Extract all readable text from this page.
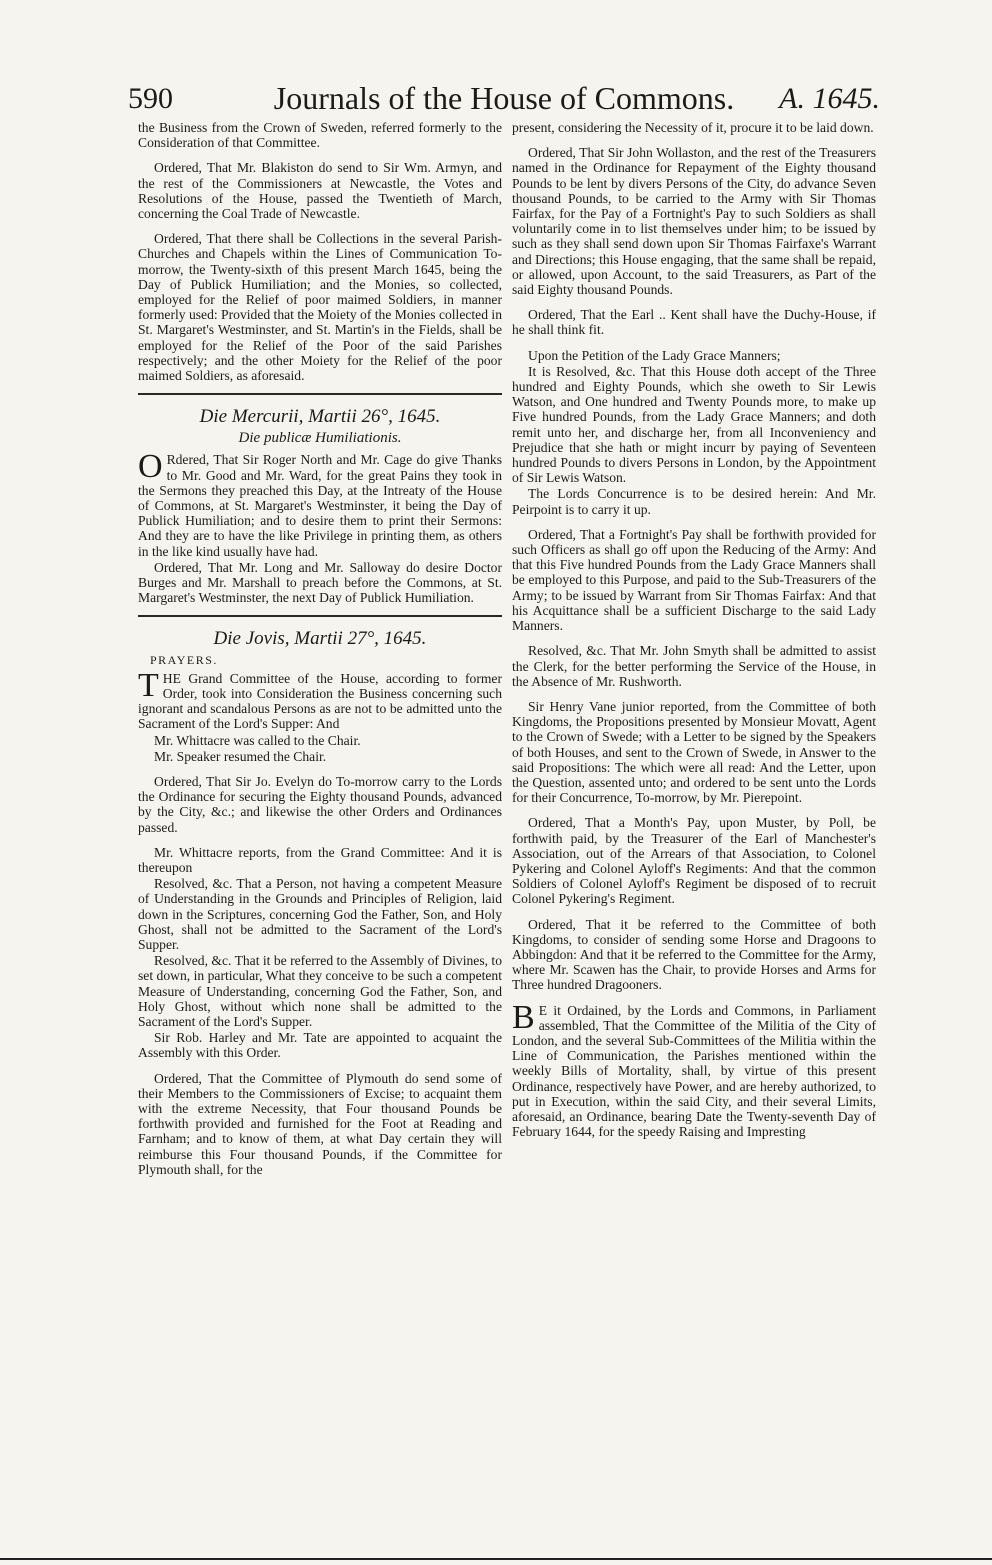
590	Journals of the House of Commons.	A. 1645.

the Business from the Crown of Sweden, referred formerly to the Consideration of that Committee.

Ordered, That Mr. Blakiston do send to Sir Wm. Armyn, and the rest of the Commissioners at Newcastle, the Votes and Resolutions of the House, passed the Twentieth of March, concerning the Coal Trade of Newcastle.

Ordered, That there shall be Collections in the several Parish-Churches and Chapels within the Lines of Communication To-morrow, the Twenty-sixth of this present March 1645, being the Day of Publick Humiliation; and the Monies, so collected, employed for the Relief of poor maimed Soldiers, in manner formerly used: Provided that the Moiety of the Monies collected in St. Margaret's Westminster, and St. Martin's in the Fields, shall be employed for the Relief of the Poor of the said Parishes respectively; and the other Moiety for the Relief of the poor maimed Soldiers, as aforesaid.

Die Mercurii, Martii 26°, 1645.
Die publicæ Humiliationis.

O Rdered, That Sir Roger North and Mr. Cage do give Thanks to Mr. Good and Mr. Ward, for the great Pains they took in the Sermons they preached this Day, at the Intreaty of the House of Commons, at St. Margaret's Westminster, it being the Day of Publick Humiliation; and to desire them to print their Sermons: And they are to have the like Privilege in printing them, as others in the like kind usually have had.

Ordered, That Mr. Long and Mr. Salloway do desire Doctor Burges and Mr. Marshall to preach before the Commons, at St. Margaret's Westminster, the next Day of Publick Humiliation.

Die Jovis, Martii 27°, 1645.
PRAYERS.

THE Grand Committee of the House, according to former Order, took into Consideration the Business concerning such ignorant and scandalous Persons as are not to be admitted unto the Sacrament of the Lord's Supper: And

Mr. Whittacre was called to the Chair.

Mr. Speaker resumed the Chair.

Ordered, That Sir Jo. Evelyn do To-morrow carry to the Lords the Ordinance for securing the Eighty thousand Pounds, advanced by the City, &c.; and likewise the other Orders and Ordinances passed.

Mr. Whittacre reports, from the Grand Committee: And it is thereupon

Resolved, &c. That a Person, not having a competent Measure of Understanding in the Grounds and Principles of Religion, laid down in the Scriptures, concerning God the Father, Son, and Holy Ghost, shall not be admitted to the Sacrament of the Lord's Supper.

Resolved, &c. That it be referred to the Assembly of Divines, to set down, in particular, What they conceive to be such a competent Measure of Understanding, concerning God the Father, Son, and Holy Ghost, without which none shall be admitted to the Sacrament of the Lord's Supper.

Sir Rob. Harley and Mr. Tate are appointed to acquaint the Assembly with this Order.

Ordered, That the Committee of Plymouth do send some of their Members to the Commissioners of Excise; to acquaint them with the extreme Necessity, that Four thousand Pounds be forthwith provided and furnished for the Foot at Reading and Farnham; and to know of them, at what Day certain they will reimburse this Four thousand Pounds, if the Committee for Plymouth shall, for the

present, considering the Necessity of it, procure it to be laid down.

Ordered, That Sir John Wollaston, and the rest of the Treasurers named in the Ordinance for Repayment of the Eighty thousand Pounds to be lent by divers Persons of the City, do advance Seven thousand Pounds, to be carried to the Army with Sir Thomas Fairfax, for the Pay of a Fortnight's Pay to such Soldiers as shall voluntarily come in to list themselves under him; to be issued by such as they shall send down upon Sir Thomas Fairfaxe's Warrant and Directions; this House engaging, that the same shall be repaid, or allowed, upon Account, to the said Treasurers, as Part of the said Eighty thousand Pounds.

Ordered, That the Earl .. Kent shall have the Duchy-House, if he shall think fit.

Upon the Petition of the Lady Grace Manners;

It is Resolved, &c. That this House doth accept of the Three hundred and Eighty Pounds, which she oweth to Sir Lewis Watson, and One hundred and Twenty Pounds more, to make up Five hundred Pounds, from the Lady Grace Manners; and doth remit unto her, and discharge her, from all Inconveniency and Prejudice that she hath or might incurr by paying of Seventeen hundred Pounds to divers Persons in London, by the Appointment of Sir Lewis Watson.

The Lords Concurrence is to be desired herein: And Mr. Peirpoint is to carry it up.

Ordered, That a Fortnight's Pay shall be forthwith provided for such Officers as shall go off upon the Reducing of the Army: And that this Five hundred Pounds from the Lady Grace Manners shall be employed to this Purpose, and paid to the Sub-Treasurers of the Army; to be issued by Warrant from Sir Thomas Fairfax: And that his Acquittance shall be a sufficient Discharge to the said Lady Manners.

Resolved, &c. That Mr. John Smyth shall be admitted to assist the Clerk, for the better performing the Service of the House, in the Absence of Mr. Rushworth.

Sir Henry Vane junior reported, from the Committee of both Kingdoms, the Propositions presented by Monsieur Movatt, Agent to the Crown of Swede; with a Letter to be signed by the Speakers of both Houses, and sent to the Crown of Swede, in Answer to the said Propositions: The which were all read: And the Letter, upon the Question, assented unto; and ordered to be sent unto the Lords for their Concurrence, To-morrow, by Mr. Pierepoint.

Ordered, That a Month's Pay, upon Muster, by Poll, be forthwith paid, by the Treasurer of the Earl of Manchester's Association, out of the Arrears of that Association, to Colonel Pykering and Colonel Ayloff's Regiments: And that the common Soldiers of Colonel Ayloff's Regiment be disposed of to recruit Colonel Pykering's Regiment.

Ordered, That it be referred to the Committee of both Kingdoms, to consider of sending some Horse and Dragoons to Abbingdon: And that it be referred to the Committee for the Army, where Mr. Scawen has the Chair, to provide Horses and Arms for Three hundred Dragooners.

B E it Ordained, by the Lords and Commons, in Parliament assembled, That the Committee of the Militia of the City of London, and the several Sub-Committees of the Militia within the Line of Communication, the Parishes mentioned within the weekly Bills of Mortality, shall, by virtue of this present Ordinance, respectively have Power, and are hereby authorized, to put in Execution, within the said City, and their several Limits, aforesaid, an Ordinance, bearing Date the Twenty-seventh Day of February 1644, for the speedy Raising and Impresting
